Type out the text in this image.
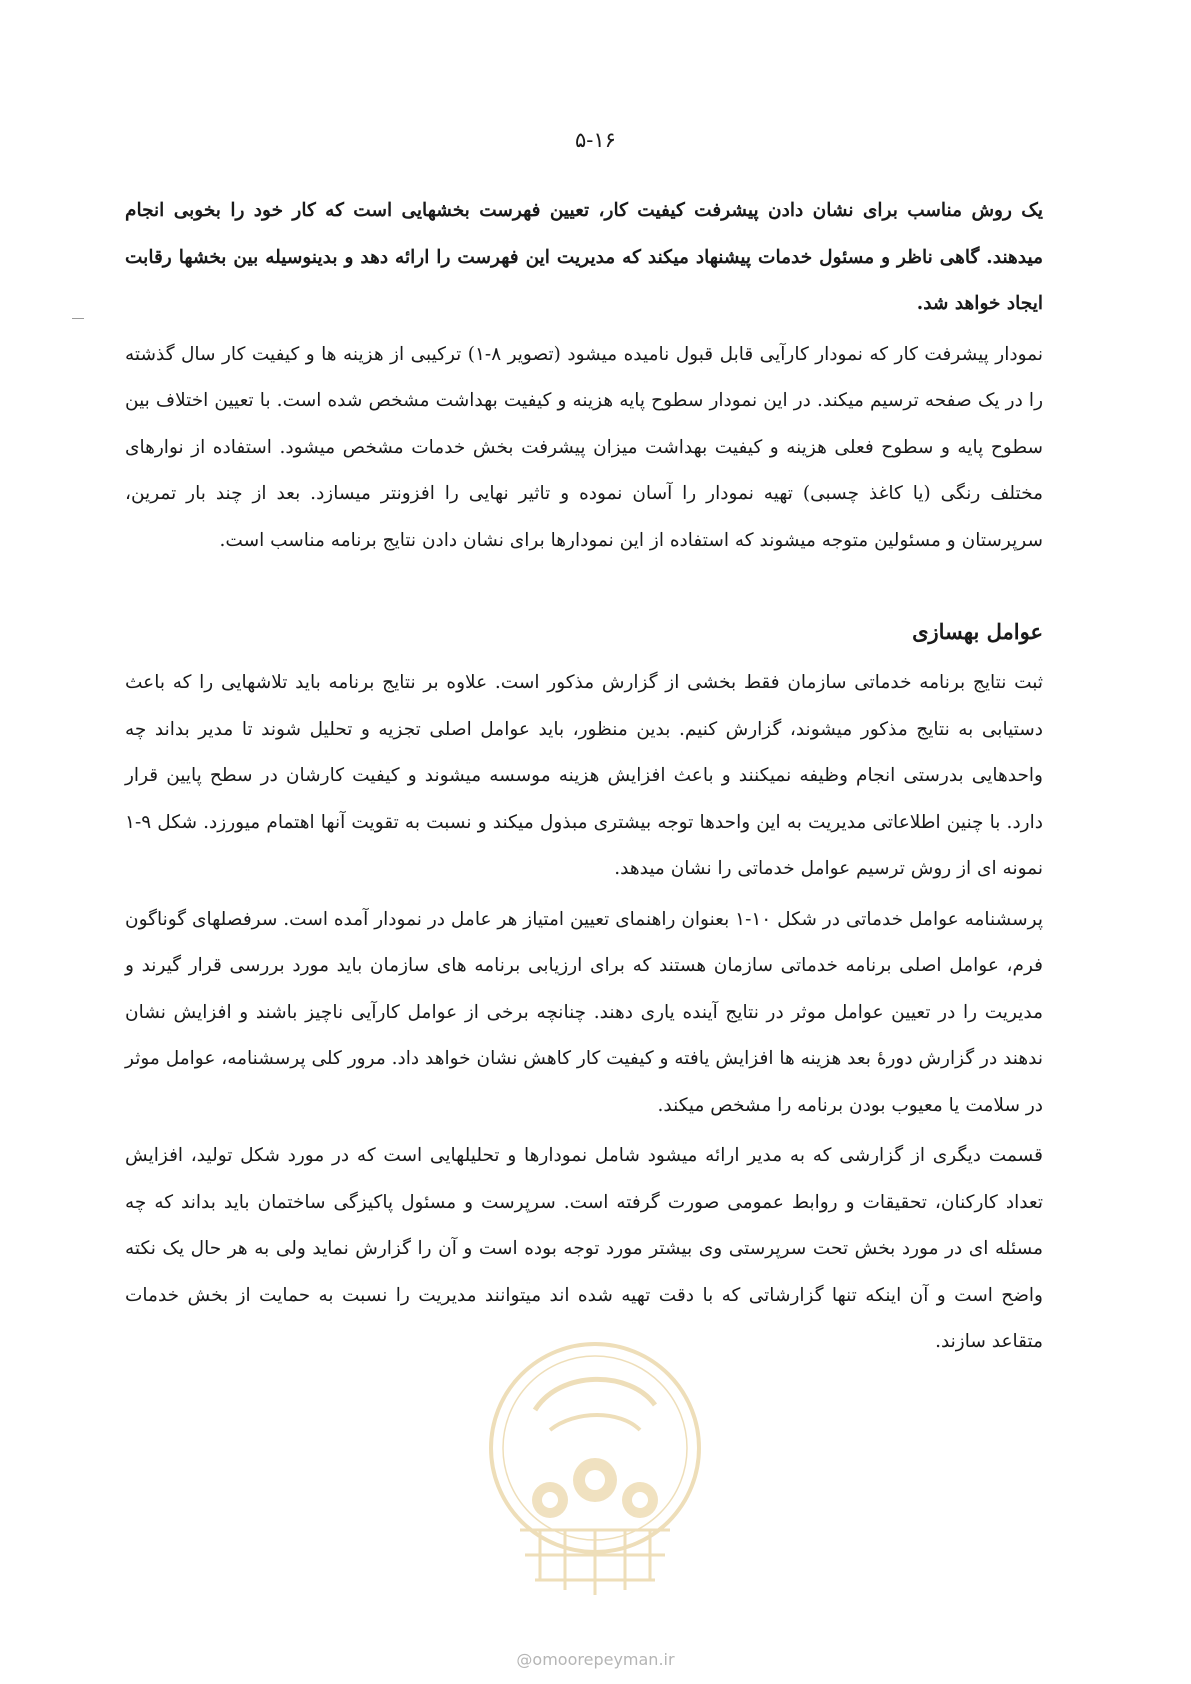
۵-۱۶

یک روش مناسب برای نشان دادن پیشرفت کیفیت کار، تعیین فهرست بخشهایی است که کار خود را بخوبی انجام میدهند. گاهی ناظر و مسئول خدمات پیشنهاد میکند که مدیریت این فهرست را ارائه دهد و بدینوسیله بین بخشها رقابت ایجاد خواهد شد.

نمودار پیشرفت کار که نمودار کارآیی قابل قبول نامیده میشود (تصویر ۸-۱) ترکیبی از هزینه ها و کیفیت کار سال گذشته را در یک صفحه ترسیم میکند. در این نمودار سطوح پایه هزینه و کیفیت بهداشت مشخص شده است. با تعیین اختلاف بین سطوح پایه و سطوح فعلی هزینه و کیفیت بهداشت میزان پیشرفت بخش خدمات مشخص میشود. استفاده از نوارهای مختلف رنگی (یا کاغذ چسبی) تهیه نمودار را آسان نموده و تاثیر نهایی را افزونتر میسازد. بعد از چند بار تمرین، سرپرستان و مسئولین متوجه میشوند که استفاده از این نمودارها برای نشان دادن نتایج برنامه مناسب است.

عوامل بهسازی

ثبت نتایج برنامه خدماتی سازمان فقط بخشی از گزارش مذکور است. علاوه بر نتایج برنامه باید تلاشهایی را که باعث دستیابی به نتایج مذکور میشوند، گزارش کنیم. بدین منظور، باید عوامل اصلی تجزیه و تحلیل شوند تا مدیر بداند چه واحدهایی بدرستی انجام وظیفه نمیکنند و باعث افزایش هزینه موسسه میشوند و کیفیت کارشان در سطح پایین قرار دارد. با چنین اطلاعاتی مدیریت به این واحدها توجه بیشتری مبذول میکند و نسبت به تقویت آنها اهتمام میورزد. شکل ۹-۱ نمونه ای از روش ترسیم عوامل خدماتی را نشان میدهد.

پرسشنامه عوامل خدماتی در شکل ۱۰-۱ بعنوان راهنمای تعیین امتیاز هر عامل در نمودار آمده است. سرفصلهای گوناگون فرم، عوامل اصلی برنامه خدماتی سازمان هستند که برای ارزیابی برنامه های سازمان باید مورد بررسی قرار گیرند و مدیریت را در تعیین عوامل موثر در نتایج آینده یاری دهند. چنانچه برخی از عوامل کارآیی ناچیز باشند و افزایش نشان ندهند در گزارش دورهٔ بعد هزینه ها افزایش یافته و کیفیت کار کاهش نشان خواهد داد. مرور کلی پرسشنامه، عوامل موثر در سلامت یا معیوب بودن برنامه را مشخص میکند.

قسمت دیگری از گزارشی که به مدیر ارائه میشود شامل نمودارها و تحلیلهایی است که در مورد شکل تولید، افزایش تعداد کارکنان، تحقیقات و روابط عمومی صورت گرفته است. سرپرست و مسئول پاکیزگی ساختمان باید بداند که چه مسئله ای در مورد بخش تحت سرپرستی وی بیشتر مورد توجه بوده است و آن را گزارش نماید ولی به هر حال یک نکته واضح است و آن اینکه تنها گزارشاتی که با دقت تهیه شده اند میتوانند مدیریت را نسبت به حمایت از بخش خدمات متقاعد سازند.

@omoorepeyman.ir
